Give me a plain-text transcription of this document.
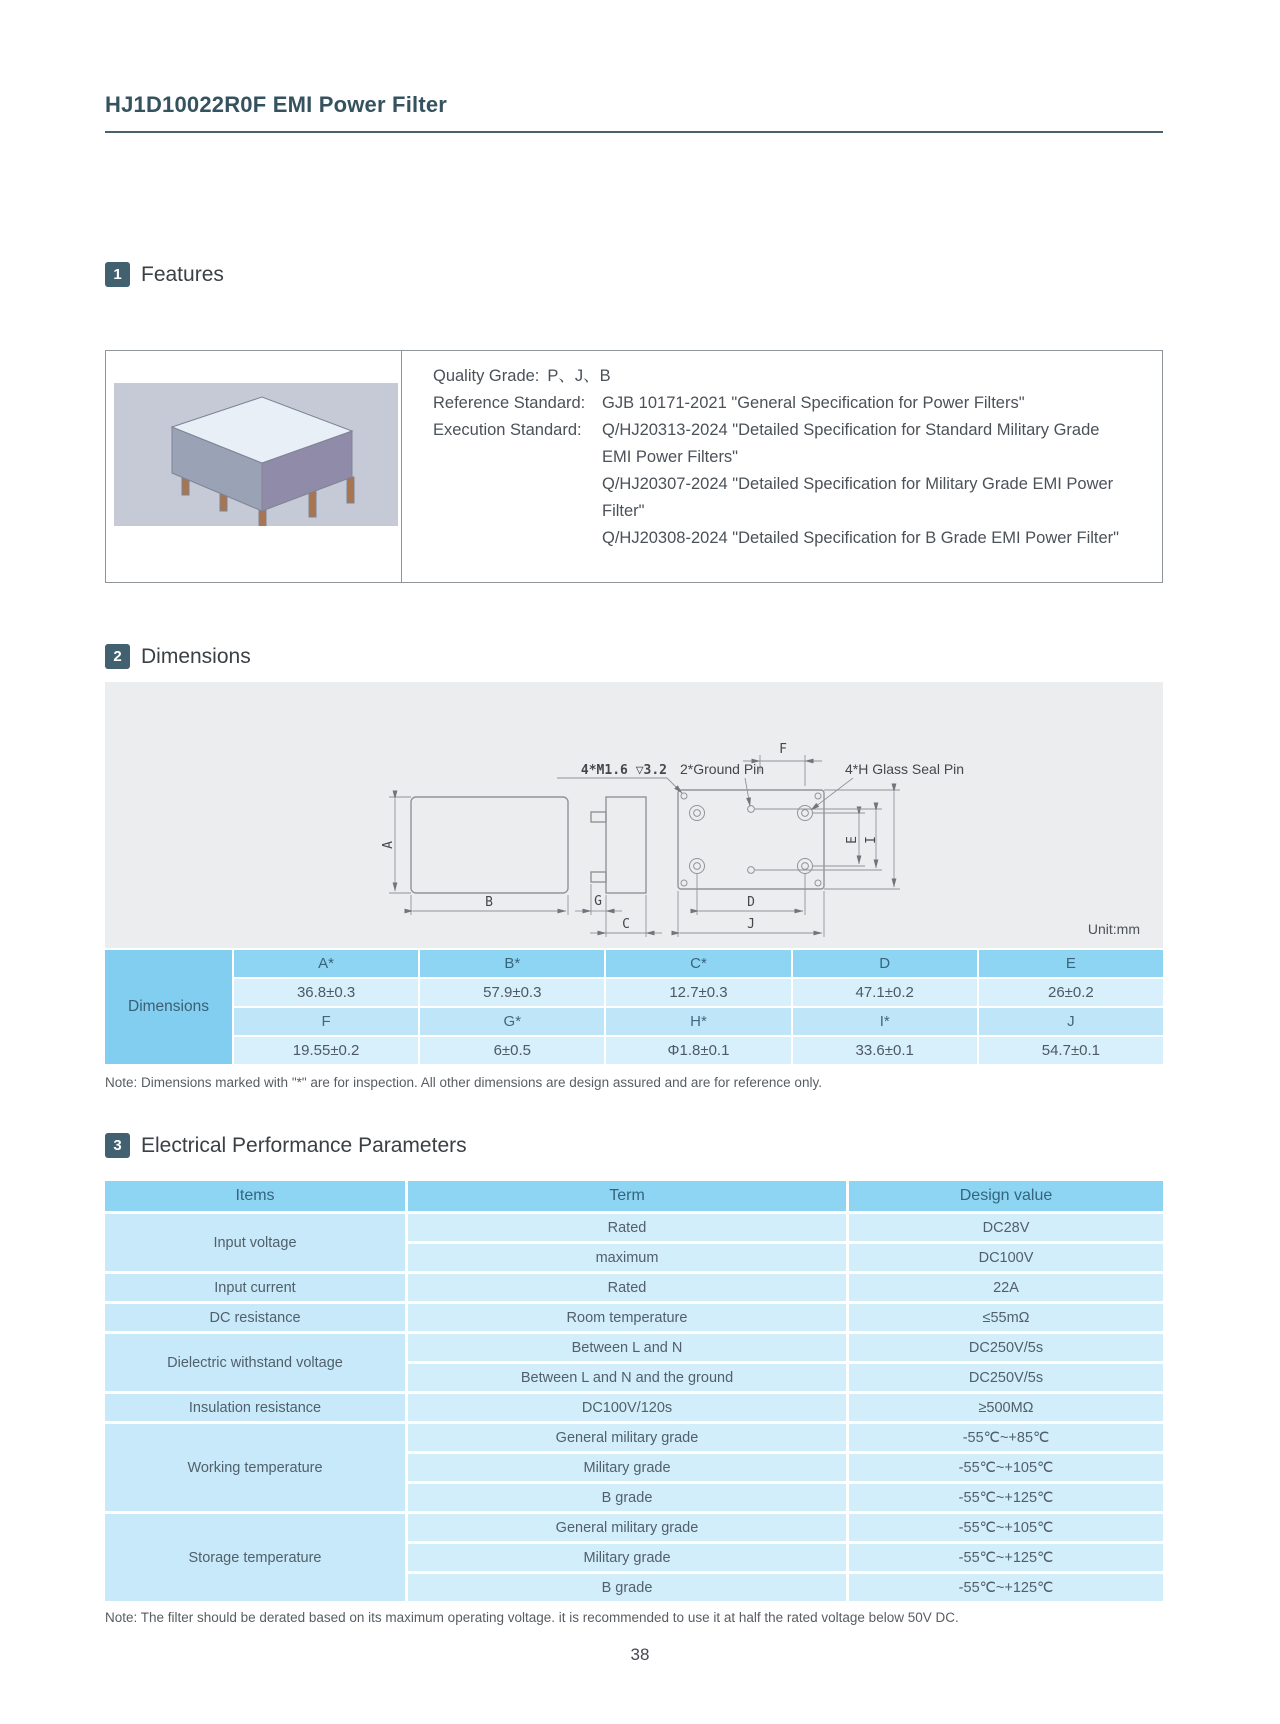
HJ1D10022R0F EMI Power Filter
1 Features
Quality Grade: P、J、B
Reference Standard:	GJB 10171-2021 "General Specification for Power Filters"
Execution Standard:	Q/HJ20313-2024 "Detailed Specification for Standard Military Grade EMI Power Filters"
Q/HJ20307-2024 "Detailed Specification for Military Grade EMI Power Filter"
Q/HJ20308-2024 "Detailed Specification for B Grade EMI Power Filter"
2 Dimensions
A
B	G
C
D
J
F
E I
4*M1.6 ▽3.2 2*Ground Pin	4*H Glass Seal Pin
Unit:mm
Dimensions
A*	B*	C*	D	E
36.8±0.3	57.9±0.3	12.7±0.3	47.1±0.2	26±0.2
F	G*	H*	I*	J
19.55±0.2	6±0.5	Φ1.8±0.1	33.6±0.1	54.7±0.1
Note: Dimensions marked with "*" are for inspection. All other dimensions are design assured and are for reference only.
3 Electrical Performance Parameters
Items	Term	Design value
Input voltage
Rated	DC28V
maximum	DC100V
Input current	Rated	22A
DC resistance	Room temperature	≤55mΩ
Dielectric withstand voltage
Between L and N	DC250V/5s
Between L and N and the ground	DC250V/5s
Insulation resistance	DC100V/120s	≥500MΩ
Working temperature
General military grade	-55℃~+85℃
Military grade	-55℃~+105℃
B grade	-55℃~+125℃
Storage temperature
General military grade	-55℃~+105℃
Military grade	-55℃~+125℃
B grade	-55℃~+125℃
Note: The filter should be derated based on its maximum operating voltage. it is recommended to use it at half the rated voltage below 50V DC.
38
